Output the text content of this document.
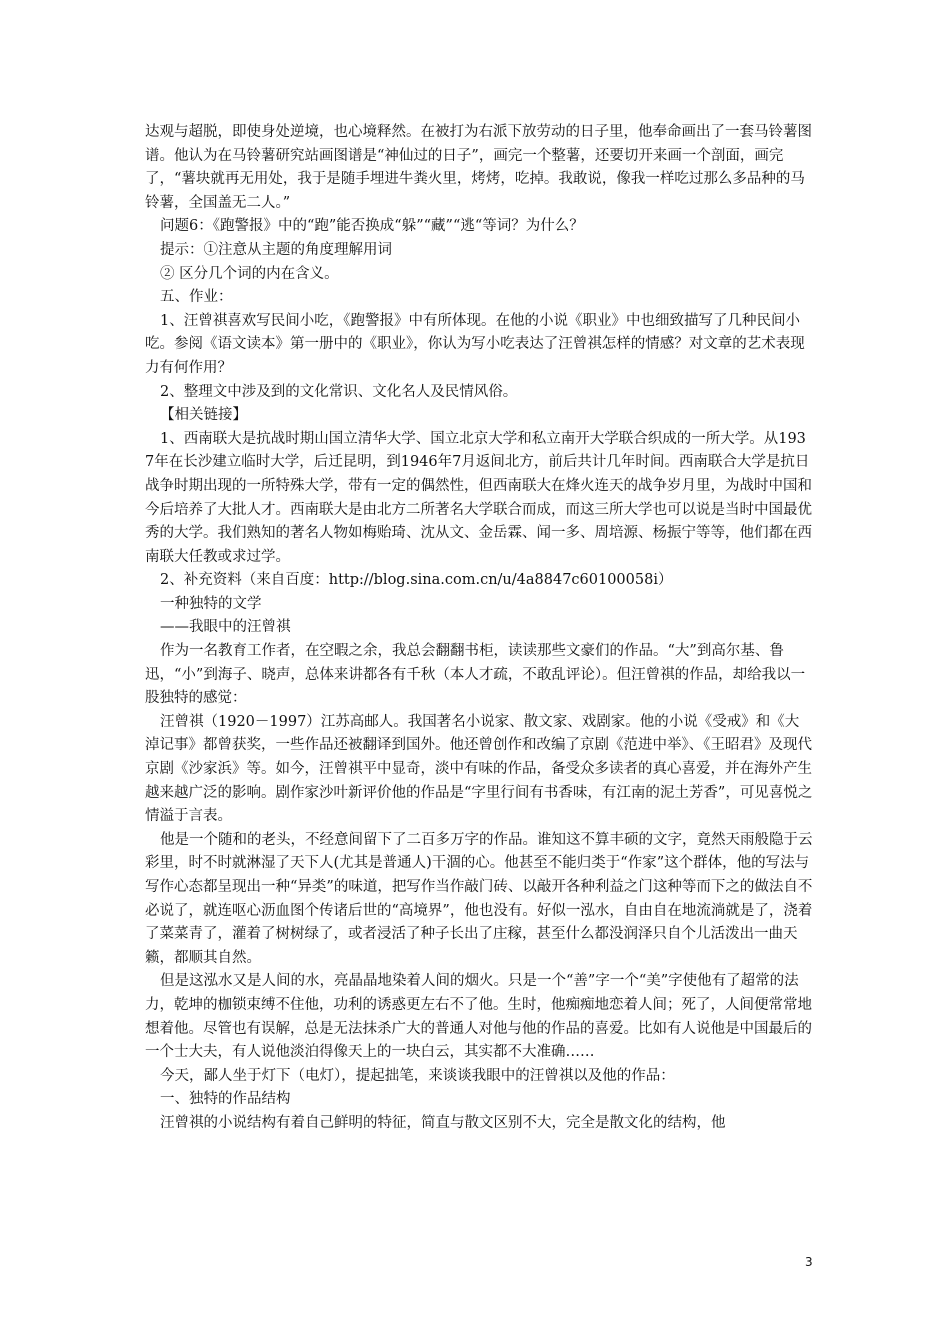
达观与超脱，即使身处逆境，也心境释然。在被打为右派下放劳动的日子里，他奉命画出了一套马铃薯图谱。他认为在马铃薯研究站画图谱是“神仙过的日子”，画完一个整薯，还要切开来画一个剖面，画完了，“薯块就再无用处，我于是随手埋进牛粪火里，烤烤，吃掉。我敢说，像我一样吃过那么多品种的马铃薯，全国盖无二人。”

问题6：《跑警报》中的“跑”能否换成“躲”“藏”“逃“等词？为什么？

提示：①注意从主题的角度理解用词

② 区分几个词的内在含义。

五、作业：

1、汪曾祺喜欢写民间小吃，《跑警报》中有所体现。在他的小说《职业》中也细致描写了几种民间小吃。参阅《语文读本》第一册中的《职业》，你认为写小吃表达了汪曾祺怎样的情感？对文章的艺术表现力有何作用？

2、整理文中涉及到的文化常识、文化名人及民情风俗。

【相关链接】

1、西南联大是抗战时期山国立清华大学、国立北京大学和私立南开大学联合织成的一所大学。从1937年在长沙建立临时大学，后迁昆明，到1946年7月返间北方，前后共计几年时间。西南联合大学是抗日战争时期出现的一所特殊大学，带有一定的偶然性，但西南联大在烽火连天的战争岁月里，为战时中国和今后培养了大批人才。西南联大是由北方二所著名大学联合而成，而这三所大学也可以说是当时中国最优秀的大学。我们熟知的著名人物如梅贻琦、沈从文、金岳霖、闻一多、周培源、杨振宁等等，他们都在西南联大任教或求过学。

2、补充资料（来自百度：http://blog.sina.com.cn/u/4a8847c60100058i）

一种独特的文学

——我眼中的汪曾祺

作为一名教育工作者，在空暇之余，我总会翻翻书柜，读读那些文豪们的作品。“大”到高尔基、鲁迅，“小”到海子、晓声，总体来讲都各有千秋（本人才疏，不敢乱评论）。但汪曾祺的作品，却给我以一股独特的感觉：

汪曾祺（1920－1997）江苏高邮人。我国著名小说家、散文家、戏剧家。他的小说《受戒》和《大淖记事》都曾获奖，一些作品还被翻译到国外。他还曾创作和改编了京剧《范进中举》、《王昭君》及现代京剧《沙家浜》等。如今，汪曾祺平中显奇，淡中有味的作品，备受众多读者的真心喜爱，并在海外产生越来越广泛的影响。剧作家沙叶新评价他的作品是“字里行间有书香味，有江南的泥土芳香”，可见喜悦之情溢于言表。

他是一个随和的老头，不经意间留下了二百多万字的作品。谁知这不算丰硕的文字，竟然天雨般隐于云彩里，时不时就淋湿了天下人(尤其是普通人)干涸的心。他甚至不能归类于“作家”这个群体，他的写法与写作心态都呈现出一种“异类”的味道，把写作当作敲门砖、以敲开各种利益之门这种等而下之的做法自不必说了，就连呕心沥血图个传诸后世的“高境界”，他也没有。好似一泓水，自由自在地流淌就是了，浇着了菜菜青了，灌着了树树绿了，或者浸活了种子长出了庄稼，甚至什么都没润泽只自个儿活泼出一曲天籁，都顺其自然。

但是这泓水又是人间的水，亮晶晶地染着人间的烟火。只是一个“善”字一个“美”字使他有了超常的法力，乾坤的枷锁束缚不住他，功利的诱惑更左右不了他。生时，他痴痴地恋着人间；死了，人间便常常地想着他。尽管也有误解，总是无法抹杀广大的普通人对他与他的作品的喜爱。比如有人说他是中国最后的一个士大夫，有人说他淡泊得像天上的一块白云，其实都不大准确……

今天，鄙人坐于灯下（电灯），提起拙笔，来谈谈我眼中的汪曾祺以及他的作品：

一、独特的作品结构

汪曾祺的小说结构有着自己鲜明的特征，简直与散文区别不大，完全是散文化的结构，他

3
